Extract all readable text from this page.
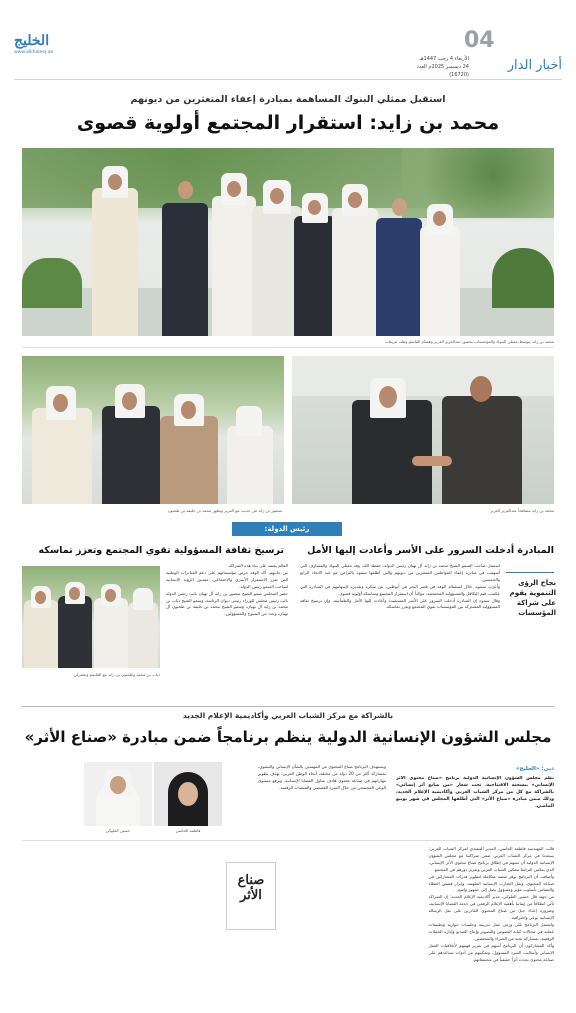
الخليج
www.alkhaleej.ae	04
أخبار الدار
الأربعاء 4 رجب 1447هـ
24 ديسمبر 2025م العدد (16720)
استقبل ممثلي البنوك المساهمة بمبادرة إعفاء المتعثرين من ديونهم
محمد بن زايد: استقرار المجتمع أولوية قصوى
محمد بن زايد يتوسط ممثلي البنوك والمؤسسات بحضور عبدالعزيز الغرير وهشام القاسم وطه، عريقات
محمد بن زايد مصافحاً عبدالعزيز الغرير
منصور بن زايد في حديث مع الغرير ويظهر محمد بن خليفة بن طحنون
رئيس الدولة:
المبادرة أدخلت السرور على الأسر وأعادت إليها الأمل
ترسيخ ثقافة المسؤولية تقوي المجتمع وتعزز تماسكه
استقبل صاحب السمو الشيخ محمد بن زايد آل نهيان رئيس الدولة، حفظه الله، وفد ممثلي البنوك والمصارف التي أسهمت في مبادرة إعفاء المواطنين المتعثرين من ديونهم والتي أطلقها سموه بالتزامن مع عيد الاتحاد الرابع والخمسين.
وأعرب سموه، خلال استقباله الوفد في قصر البحر في أبوظبي، عن شكره وتقديره لإسهامهم في المبادرة التي عكست قيم التكافل والمسؤولية المجتمعية، مؤكداً أن استقرار المجتمع وتماسكه أولوية قصوى.
وقال سموه إن المبادرة أدخلت السرور على الأسر المستفيدة وأعادت إليها الأمل والطمأنينة، وإن ترسيخ ثقافة المسؤولية المشتركة بين المؤسسات يقوي المجتمع ويعزز تماسكه.
نجاح الرؤى التنموية يقوم على شراكة المؤسسات
العالم يعتمد على بناء هذه الشراكة.
من جانبهم، أكد الوفد حرص مؤسساتهم على دعم المبادرات الوطنية التي تعزز الاستقرار الأسري والاجتماعي، مثمنين الرؤية الإنسانية لصاحب السمو رئيس الدولة.
حضر المجلس سمو الشيخ منصور بن زايد آل نهيان نائب رئيس الدولة نائب رئيس مجلس الوزراء رئيس ديوان الرئاسة، وسمو الشيخ ذياب بن محمد بن زايد آل نهيان، وسمو الشيخ محمد بن خليفة بن طحنون آل نهيان، وعدد من الشيوخ والمسؤولين.
ذياب بن محمد وطحنون بن زايد مع القاسم وعصرلي
بالشراكة مع مركز الشباب العربي وأكاديمية الإعلام الجديد
مجلس الشؤون الإنسانية الدولية ينظم برنامجاً ضمن مبادرة «صناع الأثر»
دبي: «الخليج»
نظم مجلس الشؤون الإنسانية الدولية برنامج «صناع محتوى الأثر الإنساني» بنسخته الافتتاحية، تحت شعار «من صانع أثر إنساني» بالشراكة مع كل من مركز الشباب العربي وأكاديمية الإعلام الجديد، وذلك ضمن مبادرة «صناع الأثر» التي أطلقها المجلس في شهر يونيو الماضي.
ويستهدف البرنامج صناع المحتوى من المهتمين بالشأن الإنساني والتنموي، بمشاركة أكثر من 20 دولة من مختلف أنحاء الوطن العربي، بهدف تطوير مهاراتهم في صناعة محتوى هادف يتناول القضايا الإنسانية، ويرفع مستوى الوعي المجتمعي من خلال السرد القصصي والمنصات الرقمية.
فاطمة الحاسي
حسين العلوكي
قالت المهندسة فاطمة الحاسي، المدير التنفيذي لمركز الشباب العربي: يسعدنا في مركز الشباب العربي ضمن شراكتنا مع مجلس الشؤون الإنسانية الدولية أن نسهم في إطلاق برنامج صناع محتوى الأثر الإنساني، الذي يعكس التزامنا بتمكين الشباب العربي وتعزيز دورهم في المجتمع.
وأضافت أن البرنامج يوفر منصة متكاملة لتطوير قدرات المشاركين في صناعة المحتوى، ونقل التجارب الإنسانية الملهمة، وإبراز قصص العطاء والتضامن بأسلوب مؤثر ومسؤول يصل إلى جمهور واسع.
من جهته قال حسين العلوكي، مدير أكاديمية الإعلام الجديد: إن الشراكة تأتي انطلاقاً من إيماننا بأهمية الإعلام الرقمي في خدمة القضايا الإنسانية، وضرورة إعداد جيل من صناع المحتوى القادرين على نقل الرسالة الإنسانية بوعي واحترافية.
واشتمل البرنامج على ورش عمل تدريبية وجلسات حوارية وتطبيقات عملية في مجالات كتابة النصوص والتصوير وإنتاج الفيديو وإدارة الحملات الرقمية، بمشاركة نخبة من الخبراء والمختصين.
وأكد المشاركون أن البرنامج أسهم في تعزيز فهمهم لأخلاقيات العمل الإنساني وأساليب السرد المسؤول، وتمكينهم من أدوات تساعدهم على صناعة محتوى يحدث أثراً حقيقياً في مجتمعاتهم.
صناع
الأثر
